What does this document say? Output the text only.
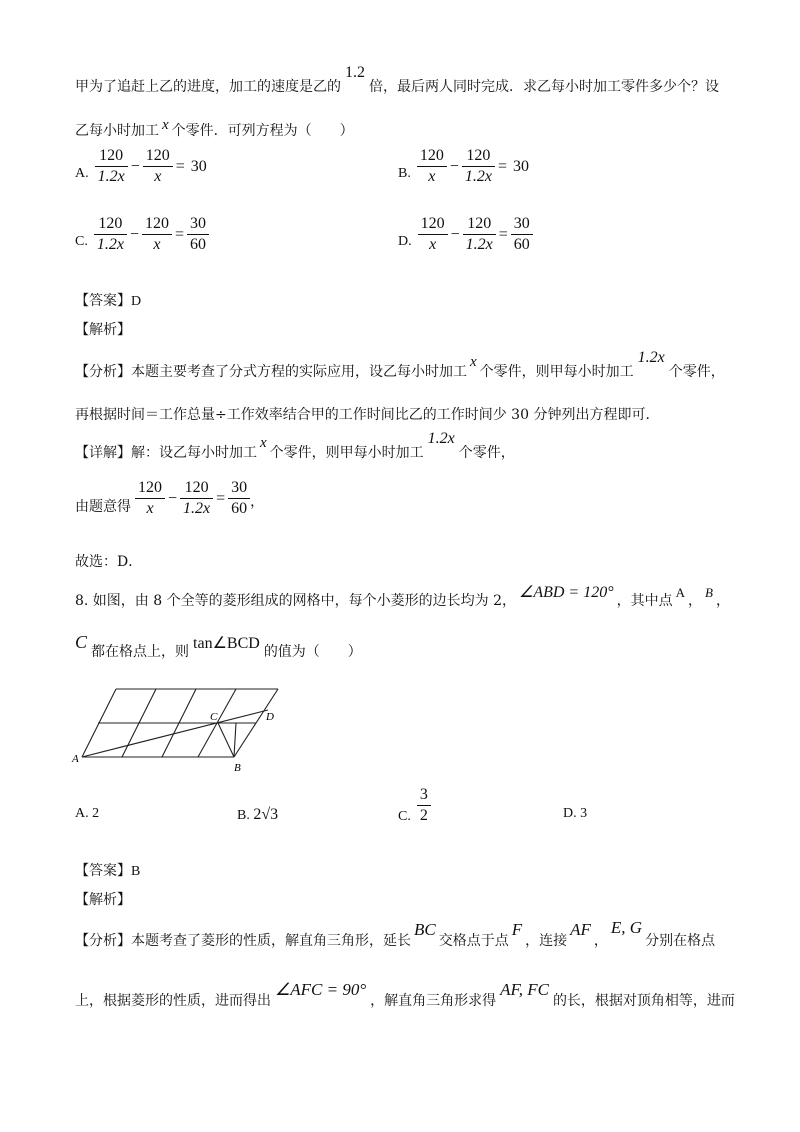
甲为了追赶上乙的进度，加工的速度是乙的1.2倍，最后两人同时完成．求乙每小时加工零件多少个？设
乙每小时加工 x 个零件．可列方程为（　　）
A. $\frac{120}{1.2x} - \frac{120}{x} = 30$	B. $\frac{120}{x} - \frac{120}{1.2x} = 30$
C. $\frac{120}{1.2x} - \frac{120}{x} = \frac{30}{60}$	D. $\frac{120}{x} - \frac{120}{1.2x} = \frac{30}{60}$
【答案】D
【解析】
【分析】本题主要考查了分式方程的实际应用，设乙每小时加工x个零件，则甲每小时加工1.2x个零件，
再根据时间＝工作总量÷工作效率结合甲的工作时间比乙的工作时间少 30 分钟列出方程即可．
【详解】解：设乙每小时加工x个零件，则甲每小时加工1.2x个零件，
由题意得 $\frac{120}{x} - \frac{120}{1.2x} = \frac{30}{60}$ ，
故选：D．
8. 如图，由 8 个全等的菱形组成的网格中，每个小菱形的边长均为 2， ∠ABD = 120° ，其中点A，B，
C 都在格点上，则 tan∠BCD 的值为（　　）
A
B
C	D
A. 2	B. 2√3	C. $\frac{3}{2}$	D. 3
【答案】B
【解析】
【分析】本题考查了菱形的性质，解直角三角形，延长BC交格点于点F，连接AF，E, G分别在格点
上，根据菱形的性质，进而得出∠AFC = 90°，解直角三角形求得AF, FC的长，根据对顶角相等，进而
